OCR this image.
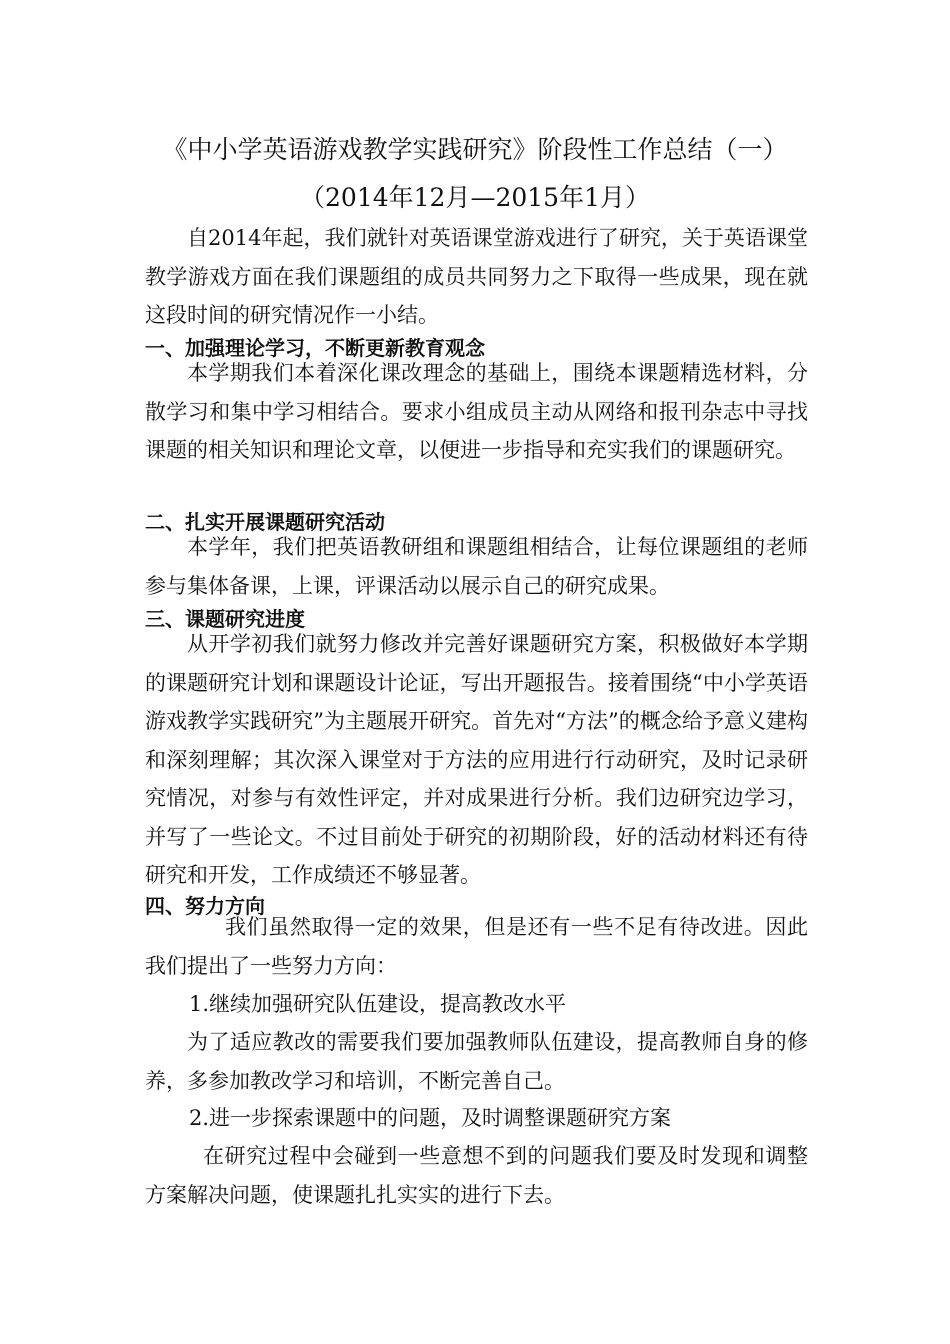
《中小学英语游戏教学实践研究》阶段性工作总结（一）
（2014年12月—2015年1月）
自2014年起，我们就针对英语课堂游戏进行了研究，关于英语课堂教学游戏方面在我们课题组的成员共同努力之下取得一些成果，现在就这段时间的研究情况作一小结。
一、加强理论学习，不断更新教育观念
本学期我们本着深化课改理念的基础上，围绕本课题精选材料，分散学习和集中学习相结合。要求小组成员主动从网络和报刊杂志中寻找课题的相关知识和理论文章，以便进一步指导和充实我们的课题研究。
二、扎实开展课题研究活动
本学年，我们把英语教研组和课题组相结合，让每位课题组的老师参与集体备课，上课，评课活动以展示自己的研究成果。
三、课题研究进度
从开学初我们就努力修改并完善好课题研究方案，积极做好本学期的课题研究计划和课题设计论证，写出开题报告。接着围绕“中小学英语游戏教学实践研究”为主题展开研究。首先对“方法”的概念给予意义建构和深刻理解；其次深入课堂对于方法的应用进行行动研究，及时记录研究情况，对参与有效性评定，并对成果进行分析。我们边研究边学习，并写了一些论文。不过目前处于研究的初期阶段，好的活动材料还有待研究和开发，工作成绩还不够显著。
四、努力方向
我们虽然取得一定的效果，但是还有一些不足有待改进。因此我们提出了一些努力方向：
1.继续加强研究队伍建设，提高教改水平
为了适应教改的需要我们要加强教师队伍建设，提高教师自身的修养，多参加教改学习和培训，不断完善自己。
2.进一步探索课题中的问题，及时调整课题研究方案
在研究过程中会碰到一些意想不到的问题我们要及时发现和调整方案解决问题，使课题扎扎实实的进行下去。
